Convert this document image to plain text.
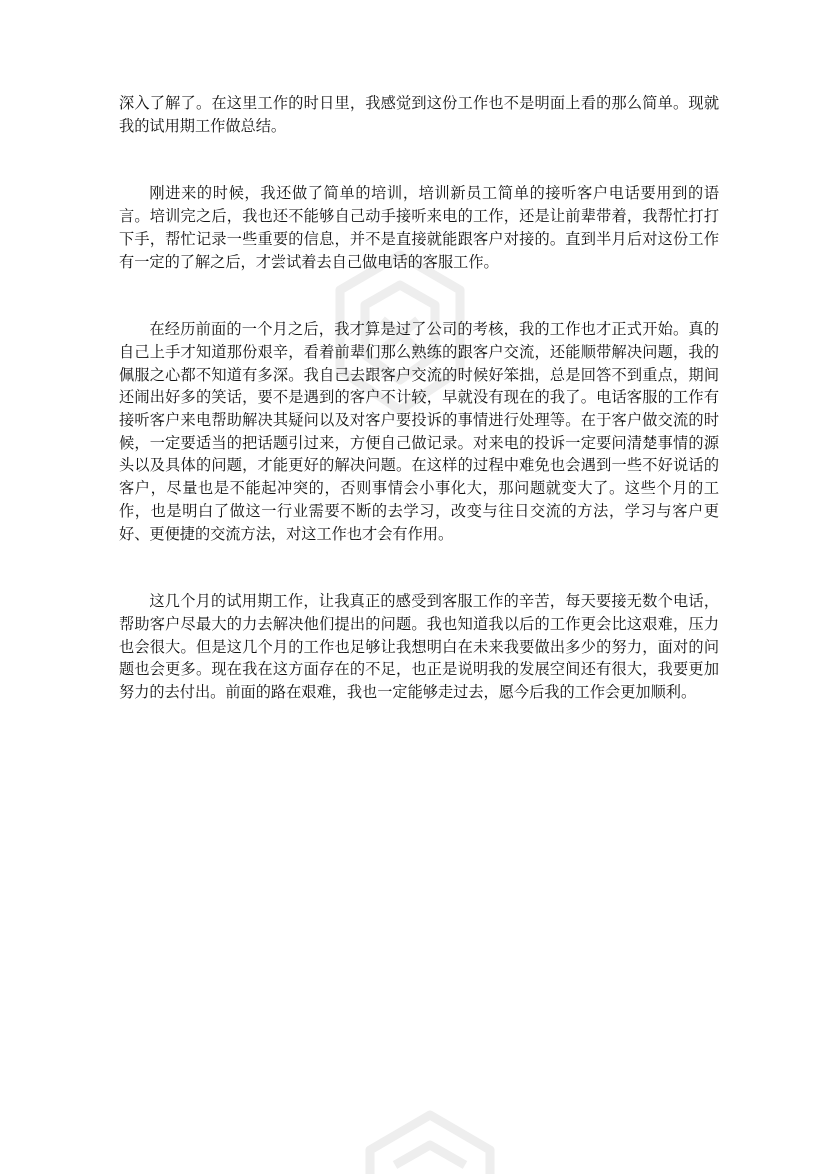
深入了解了。在这里工作的时日里，我感觉到这份工作也不是明面上看的那么简单。现就我的试用期工作做总结。

刚进来的时候，我还做了简单的培训，培训新员工简单的接听客户电话要用到的语言。培训完之后，我也还不能够自己动手接听来电的工作，还是让前辈带着，我帮忙打打下手，帮忙记录一些重要的信息，并不是直接就能跟客户对接的。直到半月后对这份工作有一定的了解之后，才尝试着去自己做电话的客服工作。

在经历前面的一个月之后，我才算是过了公司的考核，我的工作也才正式开始。真的自己上手才知道那份艰辛，看着前辈们那么熟练的跟客户交流，还能顺带解决问题，我的佩服之心都不知道有多深。我自己去跟客户交流的时候好笨拙，总是回答不到重点，期间还闹出好多的笑话，要不是遇到的客户不计较，早就没有现在的我了。电话客服的工作有接听客户来电帮助解决其疑问以及对客户要投诉的事情进行处理等。在于客户做交流的时候，一定要适当的把话题引过来，方便自己做记录。对来电的投诉一定要问清楚事情的源头以及具体的问题，才能更好的解决问题。在这样的过程中难免也会遇到一些不好说话的客户，尽量也是不能起冲突的，否则事情会小事化大，那问题就变大了。这些个月的工作，也是明白了做这一行业需要不断的去学习，改变与往日交流的方法，学习与客户更好、更便捷的交流方法，对这工作也才会有作用。

这几个月的试用期工作，让我真正的感受到客服工作的辛苦，每天要接无数个电话，帮助客户尽最大的力去解决他们提出的问题。我也知道我以后的工作更会比这艰难，压力也会很大。但是这几个月的工作也足够让我想明白在未来我要做出多少的努力，面对的问题也会更多。现在我在这方面存在的不足，也正是说明我的发展空间还有很大，我要更加努力的去付出。前面的路在艰难，我也一定能够走过去，愿今后我的工作会更加顺利。
